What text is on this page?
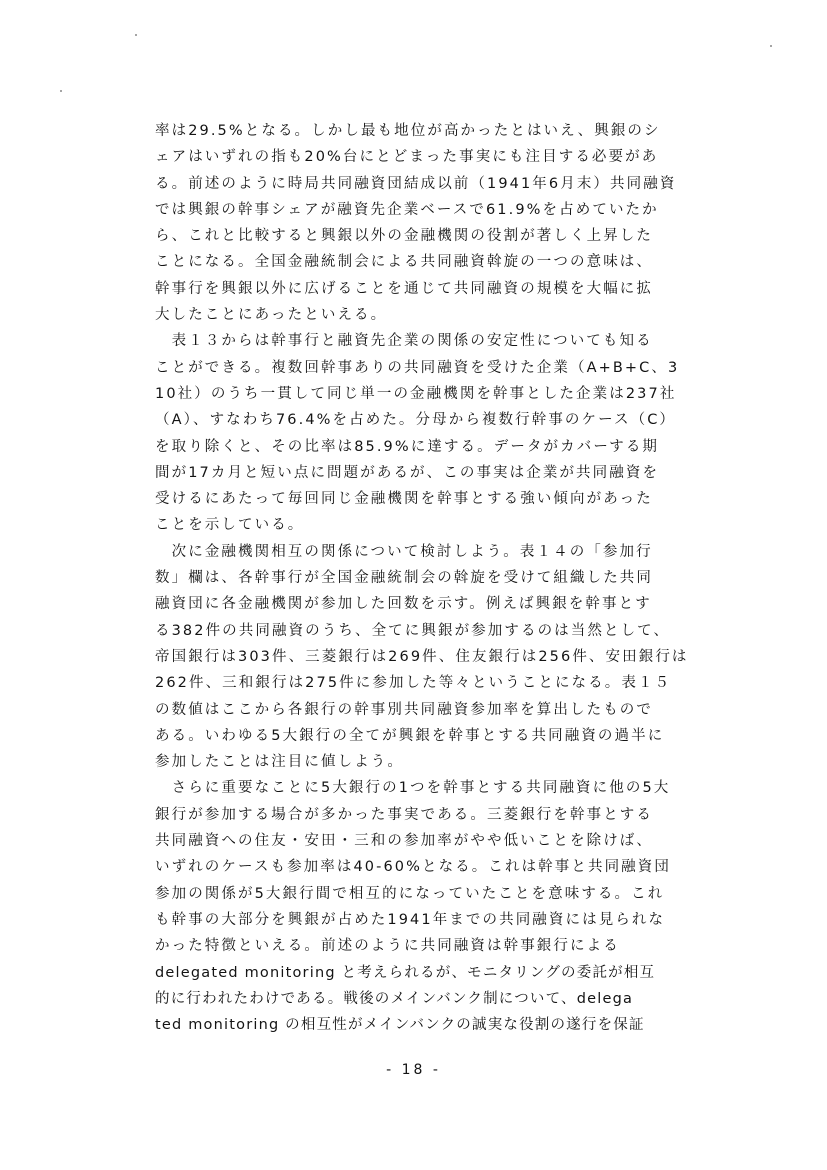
率は29.5%となる。しかし最も地位が高かったとはいえ、興銀のシ
ェアはいずれの指も20%台にとどまった事実にも注目する必要があ
る。前述のように時局共同融資団結成以前（1941年6月末）共同融資
では興銀の幹事シェアが融資先企業ベースで61.9%を占めていたか
ら、これと比較すると興銀以外の金融機関の役割が著しく上昇した
ことになる。全国金融統制会による共同融資斡旋の一つの意味は、
幹事行を興銀以外に広げることを通じて共同融資の規模を大幅に拡
大したことにあったといえる。
　表１３からは幹事行と融資先企業の関係の安定性についても知る
ことができる。複数回幹事ありの共同融資を受けた企業（A+B+C、3
10社）のうち一貫して同じ単一の金融機関を幹事とした企業は237社
（A）、すなわち76.4%を占めた。分母から複数行幹事のケース（C）
を取り除くと、その比率は85.9%に達する。データがカバーする期
間が17カ月と短い点に問題があるが、この事実は企業が共同融資を
受けるにあたって毎回同じ金融機関を幹事とする強い傾向があった
ことを示している。
　次に金融機関相互の関係について検討しよう。表１４の「参加行
数」欄は、各幹事行が全国金融統制会の斡旋を受けて組織した共同
融資団に各金融機関が参加した回数を示す。例えば興銀を幹事とす
る382件の共同融資のうち、全てに興銀が参加するのは当然として、
帝国銀行は303件、三菱銀行は269件、住友銀行は256件、安田銀行は
262件、三和銀行は275件に参加した等々ということになる。表１５
の数値はここから各銀行の幹事別共同融資参加率を算出したもので
ある。いわゆる5大銀行の全てが興銀を幹事とする共同融資の過半に
参加したことは注目に値しよう。
　さらに重要なことに5大銀行の1つを幹事とする共同融資に他の5大
銀行が参加する場合が多かった事実である。三菱銀行を幹事とする
共同融資への住友・安田・三和の参加率がやや低いことを除けば、
いずれのケースも参加率は40-60%となる。これは幹事と共同融資団
参加の関係が5大銀行間で相互的になっていたことを意味する。これ
も幹事の大部分を興銀が占めた1941年までの共同融資には見られな
かった特徴といえる。前述のように共同融資は幹事銀行による
delegated monitoring と考えられるが、モニタリングの委託が相互
的に行われたわけである。戦後のメインバンク制について、delega
ted monitoring の相互性がメインバンクの誠実な役割の遂行を保証
- 18 -
